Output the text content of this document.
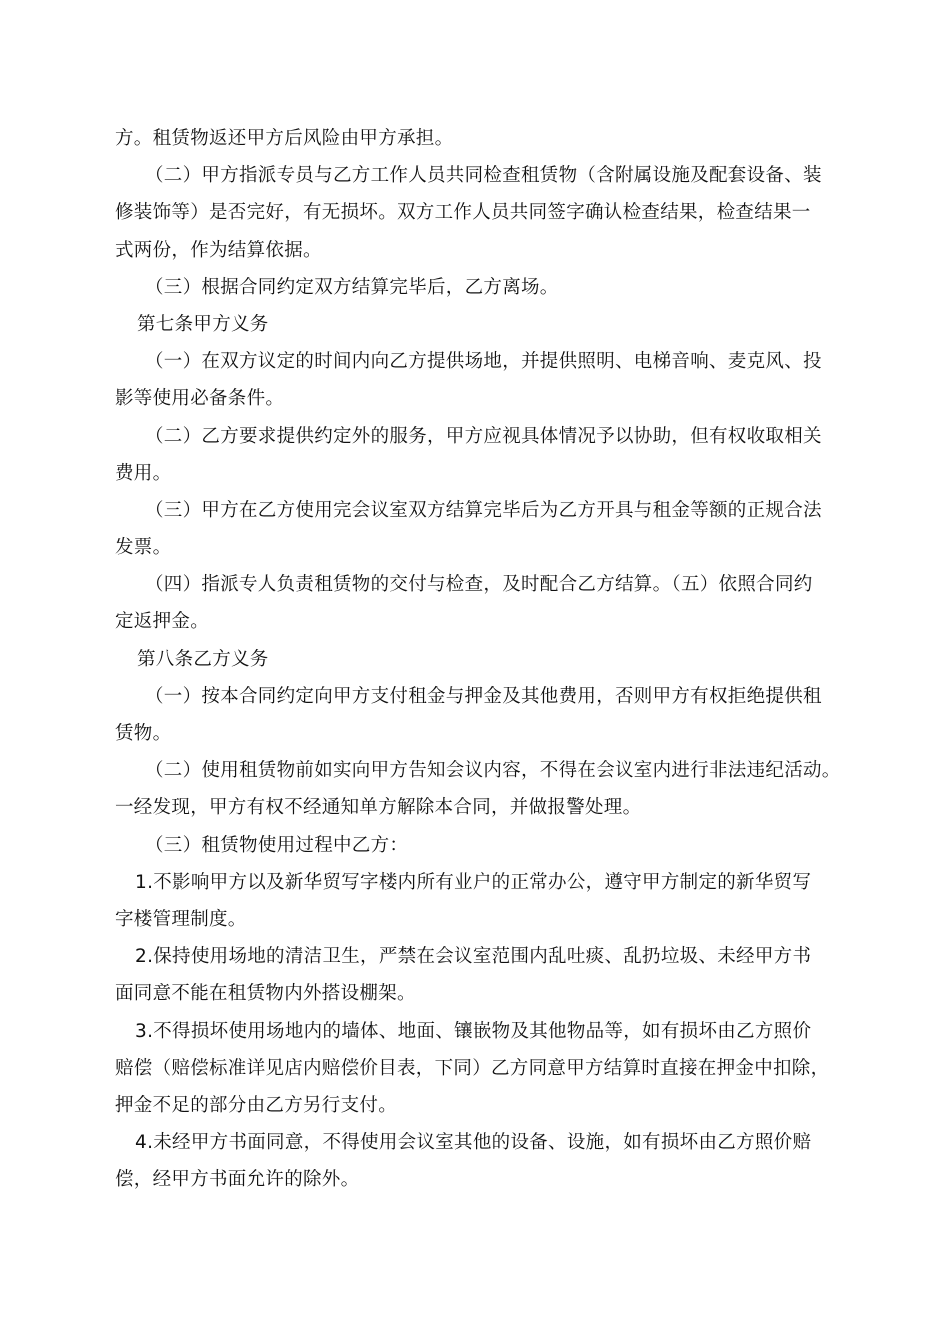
方。租赁物返还甲方后风险由甲方承担。
（二）甲方指派专员与乙方工作人员共同检查租赁物（含附属设施及配套设备、装
修装饰等）是否完好，有无损坏。双方工作人员共同签字确认检查结果，检查结果一
式两份，作为结算依据。
（三）根据合同约定双方结算完毕后，乙方离场。
第七条甲方义务
（一）在双方议定的时间内向乙方提供场地，并提供照明、电梯音响、麦克风、投
影等使用必备条件。
（二）乙方要求提供约定外的服务，甲方应视具体情况予以协助，但有权收取相关
费用。
（三）甲方在乙方使用完会议室双方结算完毕后为乙方开具与租金等额的正规合法
发票。
（四）指派专人负责租赁物的交付与检查，及时配合乙方结算。（五）依照合同约
定返押金。
第八条乙方义务
（一）按本合同约定向甲方支付租金与押金及其他费用，否则甲方有权拒绝提供租
赁物。
（二）使用租赁物前如实向甲方告知会议内容，不得在会议室内进行非法违纪活动。
一经发现，甲方有权不经通知单方解除本合同，并做报警处理。
（三）租赁物使用过程中乙方：
1.不影响甲方以及新华贸写字楼内所有业户的正常办公，遵守甲方制定的新华贸写
字楼管理制度。
2.保持使用场地的清洁卫生，严禁在会议室范围内乱吐痰、乱扔垃圾、未经甲方书
面同意不能在租赁物内外搭设棚架。
3.不得损坏使用场地内的墙体、地面、镶嵌物及其他物品等，如有损坏由乙方照价
赔偿（赔偿标准详见店内赔偿价目表，下同）乙方同意甲方结算时直接在押金中扣除，
押金不足的部分由乙方另行支付。
4.未经甲方书面同意，不得使用会议室其他的设备、设施，如有损坏由乙方照价赔
偿，经甲方书面允许的除外。
